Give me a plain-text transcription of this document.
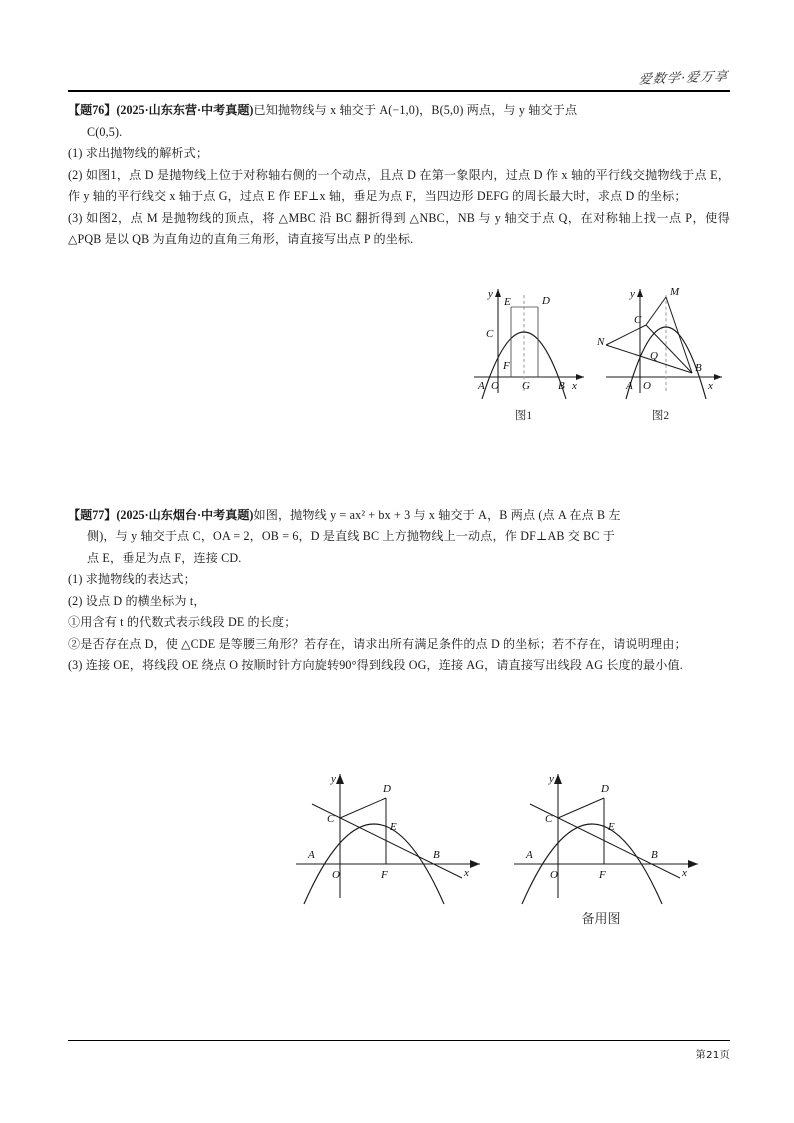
爱数学·爱万享
【题76】(2025·山东东营·中考真题)已知抛物线与 x 轴交于 A(−1,0)，B(5,0) 两点，与 y 轴交于点
C(0,5).
(1) 求出抛物线的解析式；
(2) 如图1，点 D 是抛物线上位于对称轴右侧的一个动点，且点 D 在第一象限内，过点 D 作 x 轴的平行线交抛物线于点 E，作 y 轴的平行线交 x 轴于点 G，过点 E 作 EF⊥x 轴，垂足为点 F，当四边形 DEFG 的周长最大时，求点 D 的坐标；
(3) 如图2，点 M 是抛物线的顶点，将 △MBC 沿 BC 翻折得到 △NBC，NB 与 y 轴交于点 Q，在对称轴上找一点 P，使得 △PQB 是以 QB 为直角边的直角三角形，请直接写出点 P 的坐标.
【题77】(2025·山东烟台·中考真题)如图，抛物线 y = ax² + bx + 3 与 x 轴交于 A，B 两点 (点 A 在点 B 左
侧)，与 y 轴交于点 C，OA = 2，OB = 6，D 是直线 BC 上方抛物线上一动点，作 DF⊥AB 交 BC 于
点 E，垂足为点 F，连接 CD.
(1) 求抛物线的表达式；
(2) 设点 D 的横坐标为 t，
①用含有 t 的代数式表示线段 DE 的长度；
②是否存在点 D，使 △CDE 是等腰三角形？若存在，请求出所有满足条件的点 D 的坐标；若不存在，请说明理由；
(3) 连接 OE，将线段 OE 绕点 O 按顺时针方向旋转90°得到线段 OG，连接 AG，请直接写出线段 AG 长度的最小值.
y
E	D
C
F
A O G	B x
图1
y	M
C
N
Q
A O
B
x
图2
y
D
C
E
A
O	F
B
x
y
D
C
E
A
O	F
B
x
备用图
第21页
